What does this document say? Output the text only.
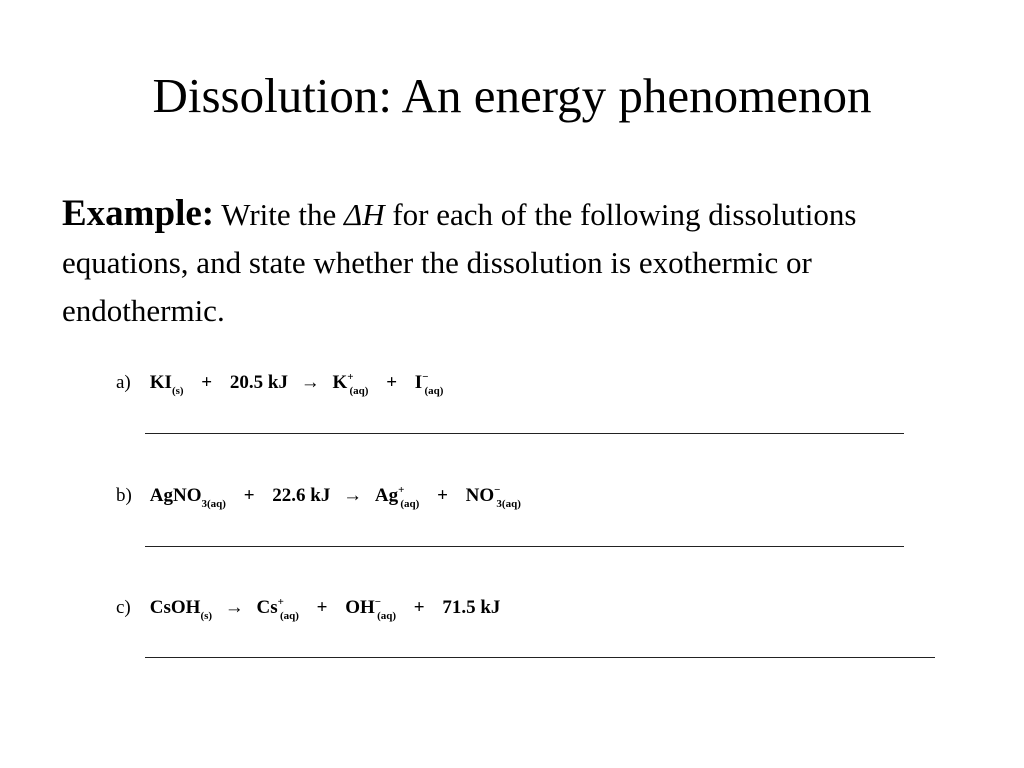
Dissolution: An energy phenomenon
Example: Write the ΔH for each of the following dissolutions equations, and state whether the dissolution is exothermic or endothermic.
a) $KI_{(s)} + 20.5$ kJ → $K^+_{(aq)} + I^-_{(aq)}$
b) AgNO$_{3(aq)}$ + 22.6 kJ → $Ag^+_{(aq)} + NO^-_{3(aq)}$
c) CsOH$_{(s)}$ → $Cs^+_{(aq)} + OH^-_{(aq)} + 71.5$ kJ
